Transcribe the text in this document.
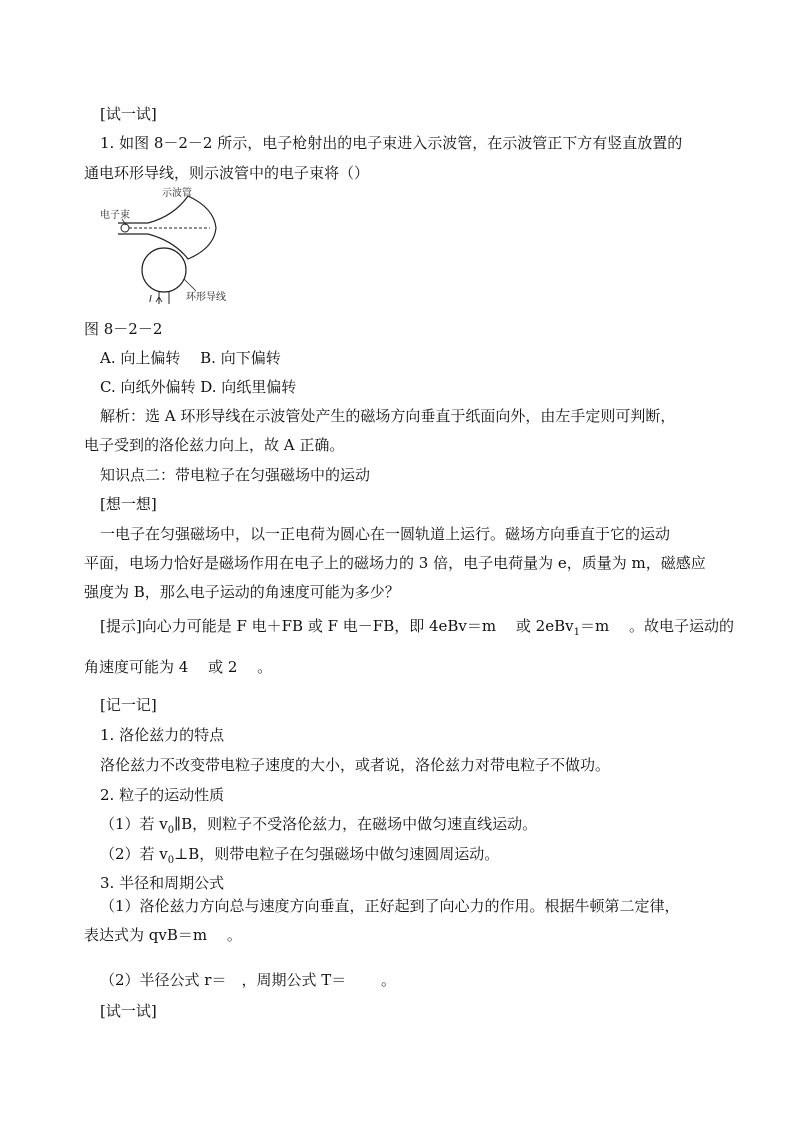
[试一试]
1. 如图 8－2－2 所示，电子枪射出的电子束进入示波管，在示波管正下方有竖直放置的
通电环形导线，则示波管中的电子束将（）
示波管
电子束
I	环形导线
图 8－2－2
A. 向上偏转　 B. 向下偏转
C. 向纸外偏转 D. 向纸里偏转
解析：选 A 环形导线在示波管处产生的磁场方向垂直于纸面向外，由左手定则可判断，
电子受到的洛伦兹力向上，故 A 正确。
知识点二：带电粒子在匀强磁场中的运动
[想一想]
一电子在匀强磁场中，以一正电荷为圆心在一圆轨道上运行。磁场方向垂直于它的运动
平面，电场力恰好是磁场作用在电子上的磁场力的 3 倍，电子电荷量为 e，质量为 m，磁感应
强度为 B，那么电子运动的角速度可能为多少？
[提示]向心力可能是 F 电＋FB 或 F 电－FB，即 4eBv＝m　 或 2eBv$_1$＝m　 。故电子运动的
角速度可能为 4　 或 2　 。
[记一记]
1. 洛伦兹力的特点
洛伦兹力不改变带电粒子速度的大小，或者说，洛伦兹力对带电粒子不做功。
2. 粒子的运动性质
（1）若 $v_0\parallel B$，则粒子不受洛伦兹力，在磁场中做匀速直线运动。
（2）若 $v_0\perp B$，则带电粒子在匀强磁场中做匀速圆周运动。
3. 半径和周期公式
（1）洛伦兹力方向总与速度方向垂直，正好起到了向心力的作用。根据牛顿第二定律，
表达式为 qvB＝m　 。
（2）半径公式 r＝　，周期公式 T＝　　 。
[试一试]
